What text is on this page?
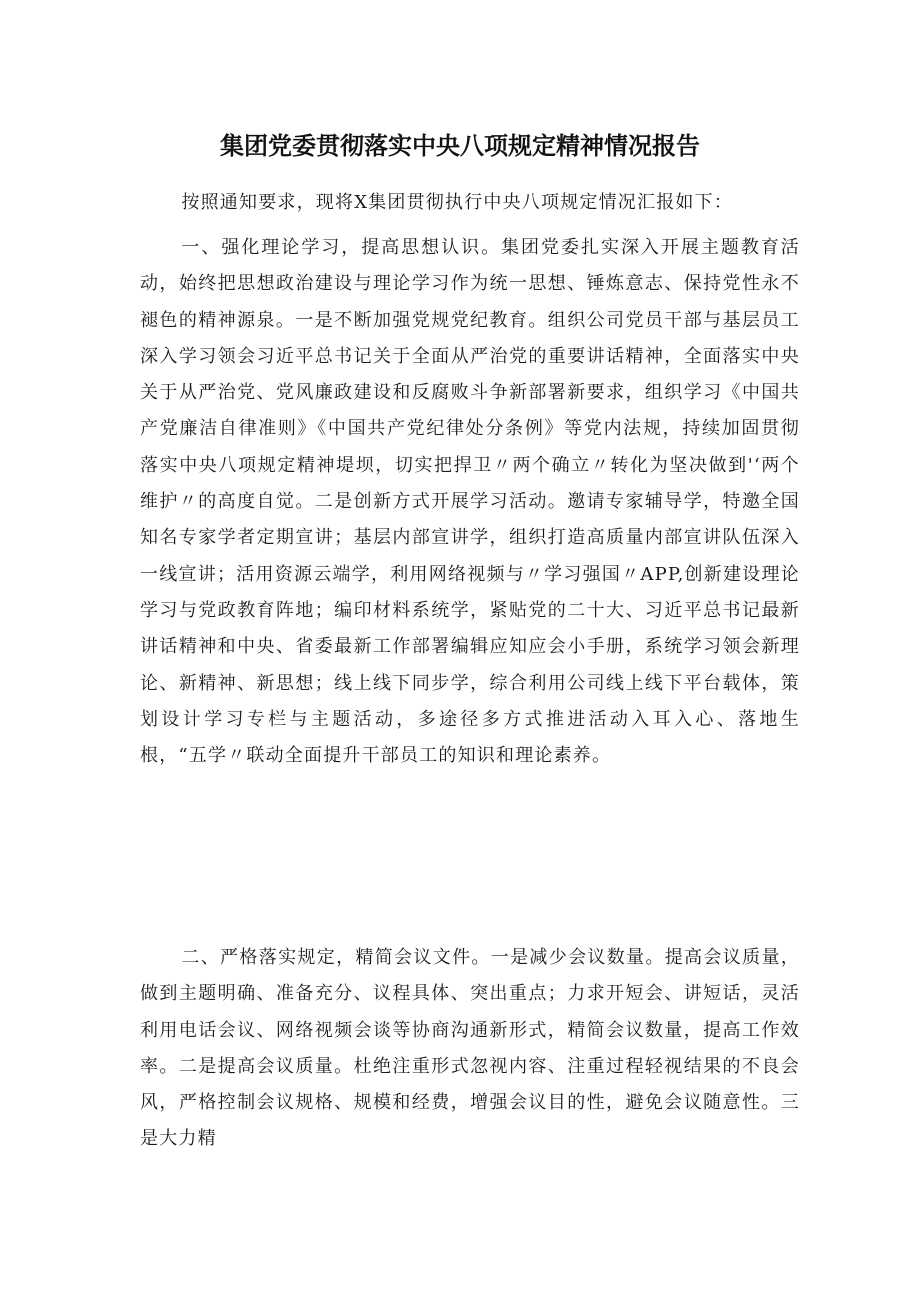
集团党委贯彻落实中央八项规定精神情况报告

按照通知要求，现将X集团贯彻执行中央八项规定情况汇报如下：

一、强化理论学习，提高思想认识。集团党委扎实深入开展主题教育活动，始终把思想政治建设与理论学习作为统一思想、锤炼意志、保持党性永不褪色的精神源泉。一是不断加强党规党纪教育。组织公司党员干部与基层员工深入学习领会习近平总书记关于全面从严治党的重要讲话精神，全面落实中央关于从严治党、党风廉政建设和反腐败斗争新部署新要求，组织学习《中国共产党廉洁自律准则》《中国共产党纪律处分条例》等党内法规，持续加固贯彻落实中央八项规定精神堤坝，切实把捍卫〃两个确立〃转化为坚决做到'‘两个维护〃的高度自觉。二是创新方式开展学习活动。邀请专家辅导学，特邀全国知名专家学者定期宣讲；基层内部宣讲学，组织打造高质量内部宣讲队伍深入一线宣讲；活用资源云端学，利用网络视频与〃学习强国〃APP,创新建设理论学习与党政教育阵地；编印材料系统学，紧贴党的二十大、习近平总书记最新讲话精神和中央、省委最新工作部署编辑应知应会小手册，系统学习领会新理论、新精神、新思想；线上线下同步学，综合利用公司线上线下平台载体，策划设计学习专栏与主题活动，多途径多方式推进活动入耳入心、落地生根，“五学〃联动全面提升干部员工的知识和理论素养。

二、严格落实规定，精简会议文件。一是减少会议数量。提高会议质量，做到主题明确、准备充分、议程具体、突出重点；力求开短会、讲短话，灵活利用电话会议、网络视频会谈等协商沟通新形式，精简会议数量，提高工作效率。二是提高会议质量。杜绝注重形式忽视内容、注重过程轻视结果的不良会风，严格控制会议规格、规模和经费，增强会议目的性，避免会议随意性。三是大力精
